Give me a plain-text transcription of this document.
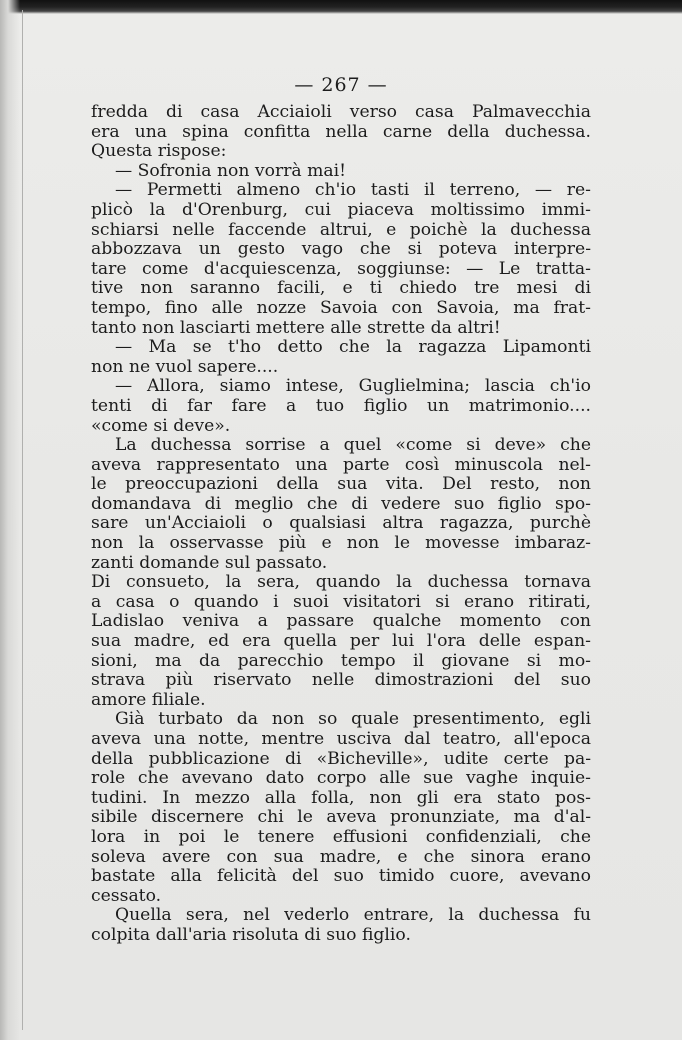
— 267 —
fredda di casa Acciaioli verso casa Palmavecchia
era una spina confitta nella carne della duchessa.
Questa rispose:
— Sofronia non vorrà mai!
— Permetti almeno ch'io tasti il terreno, — re-
plicò la d'Orenburg, cui piaceva moltissimo immi-
schiarsi nelle faccende altrui, e poichè la duchessa
abbozzava un gesto vago che si poteva interpre-
tare come d'acquiescenza, soggiunse: — Le tratta-
tive non saranno facili, e ti chiedo tre mesi di
tempo, fino alle nozze Savoia con Savoia, ma frat-
tanto non lasciarti mettere alle strette da altri!
— Ma se t'ho detto che la ragazza Lipamonti
non ne vuol sapere....
— Allora, siamo intese, Guglielmina; lascia ch'io
tenti di far fare a tuo figlio un matrimonio....
«come si deve».
La duchessa sorrise a quel «come si deve» che
aveva rappresentato una parte così minuscola nel-
le preoccupazioni della sua vita. Del resto, non
domandava di meglio che di vedere suo figlio spo-
sare un'Acciaioli o qualsiasi altra ragazza, purchè
non la osservasse più e non le movesse imbaraz-
zanti domande sul passato.
Di consueto, la sera, quando la duchessa tornava
a casa o quando i suoi visitatori si erano ritirati,
Ladislao veniva a passare qualche momento con
sua madre, ed era quella per lui l'ora delle espan-
sioni, ma da parecchio tempo il giovane si mo-
strava più riservato nelle dimostrazioni del suo
amore filiale.
Già turbato da non so quale presentimento, egli
aveva una notte, mentre usciva dal teatro, all'epoca
della pubblicazione di «Bicheville», udite certe pa-
role che avevano dato corpo alle sue vaghe inquie-
tudini. In mezzo alla folla, non gli era stato pos-
sibile discernere chi le aveva pronunziate, ma d'al-
lora in poi le tenere effusioni confidenziali, che
soleva avere con sua madre, e che sinora erano
bastate alla felicità del suo timido cuore, avevano
cessato.
Quella sera, nel vederlo entrare, la duchessa fu
colpita dall'aria risoluta di suo figlio.
